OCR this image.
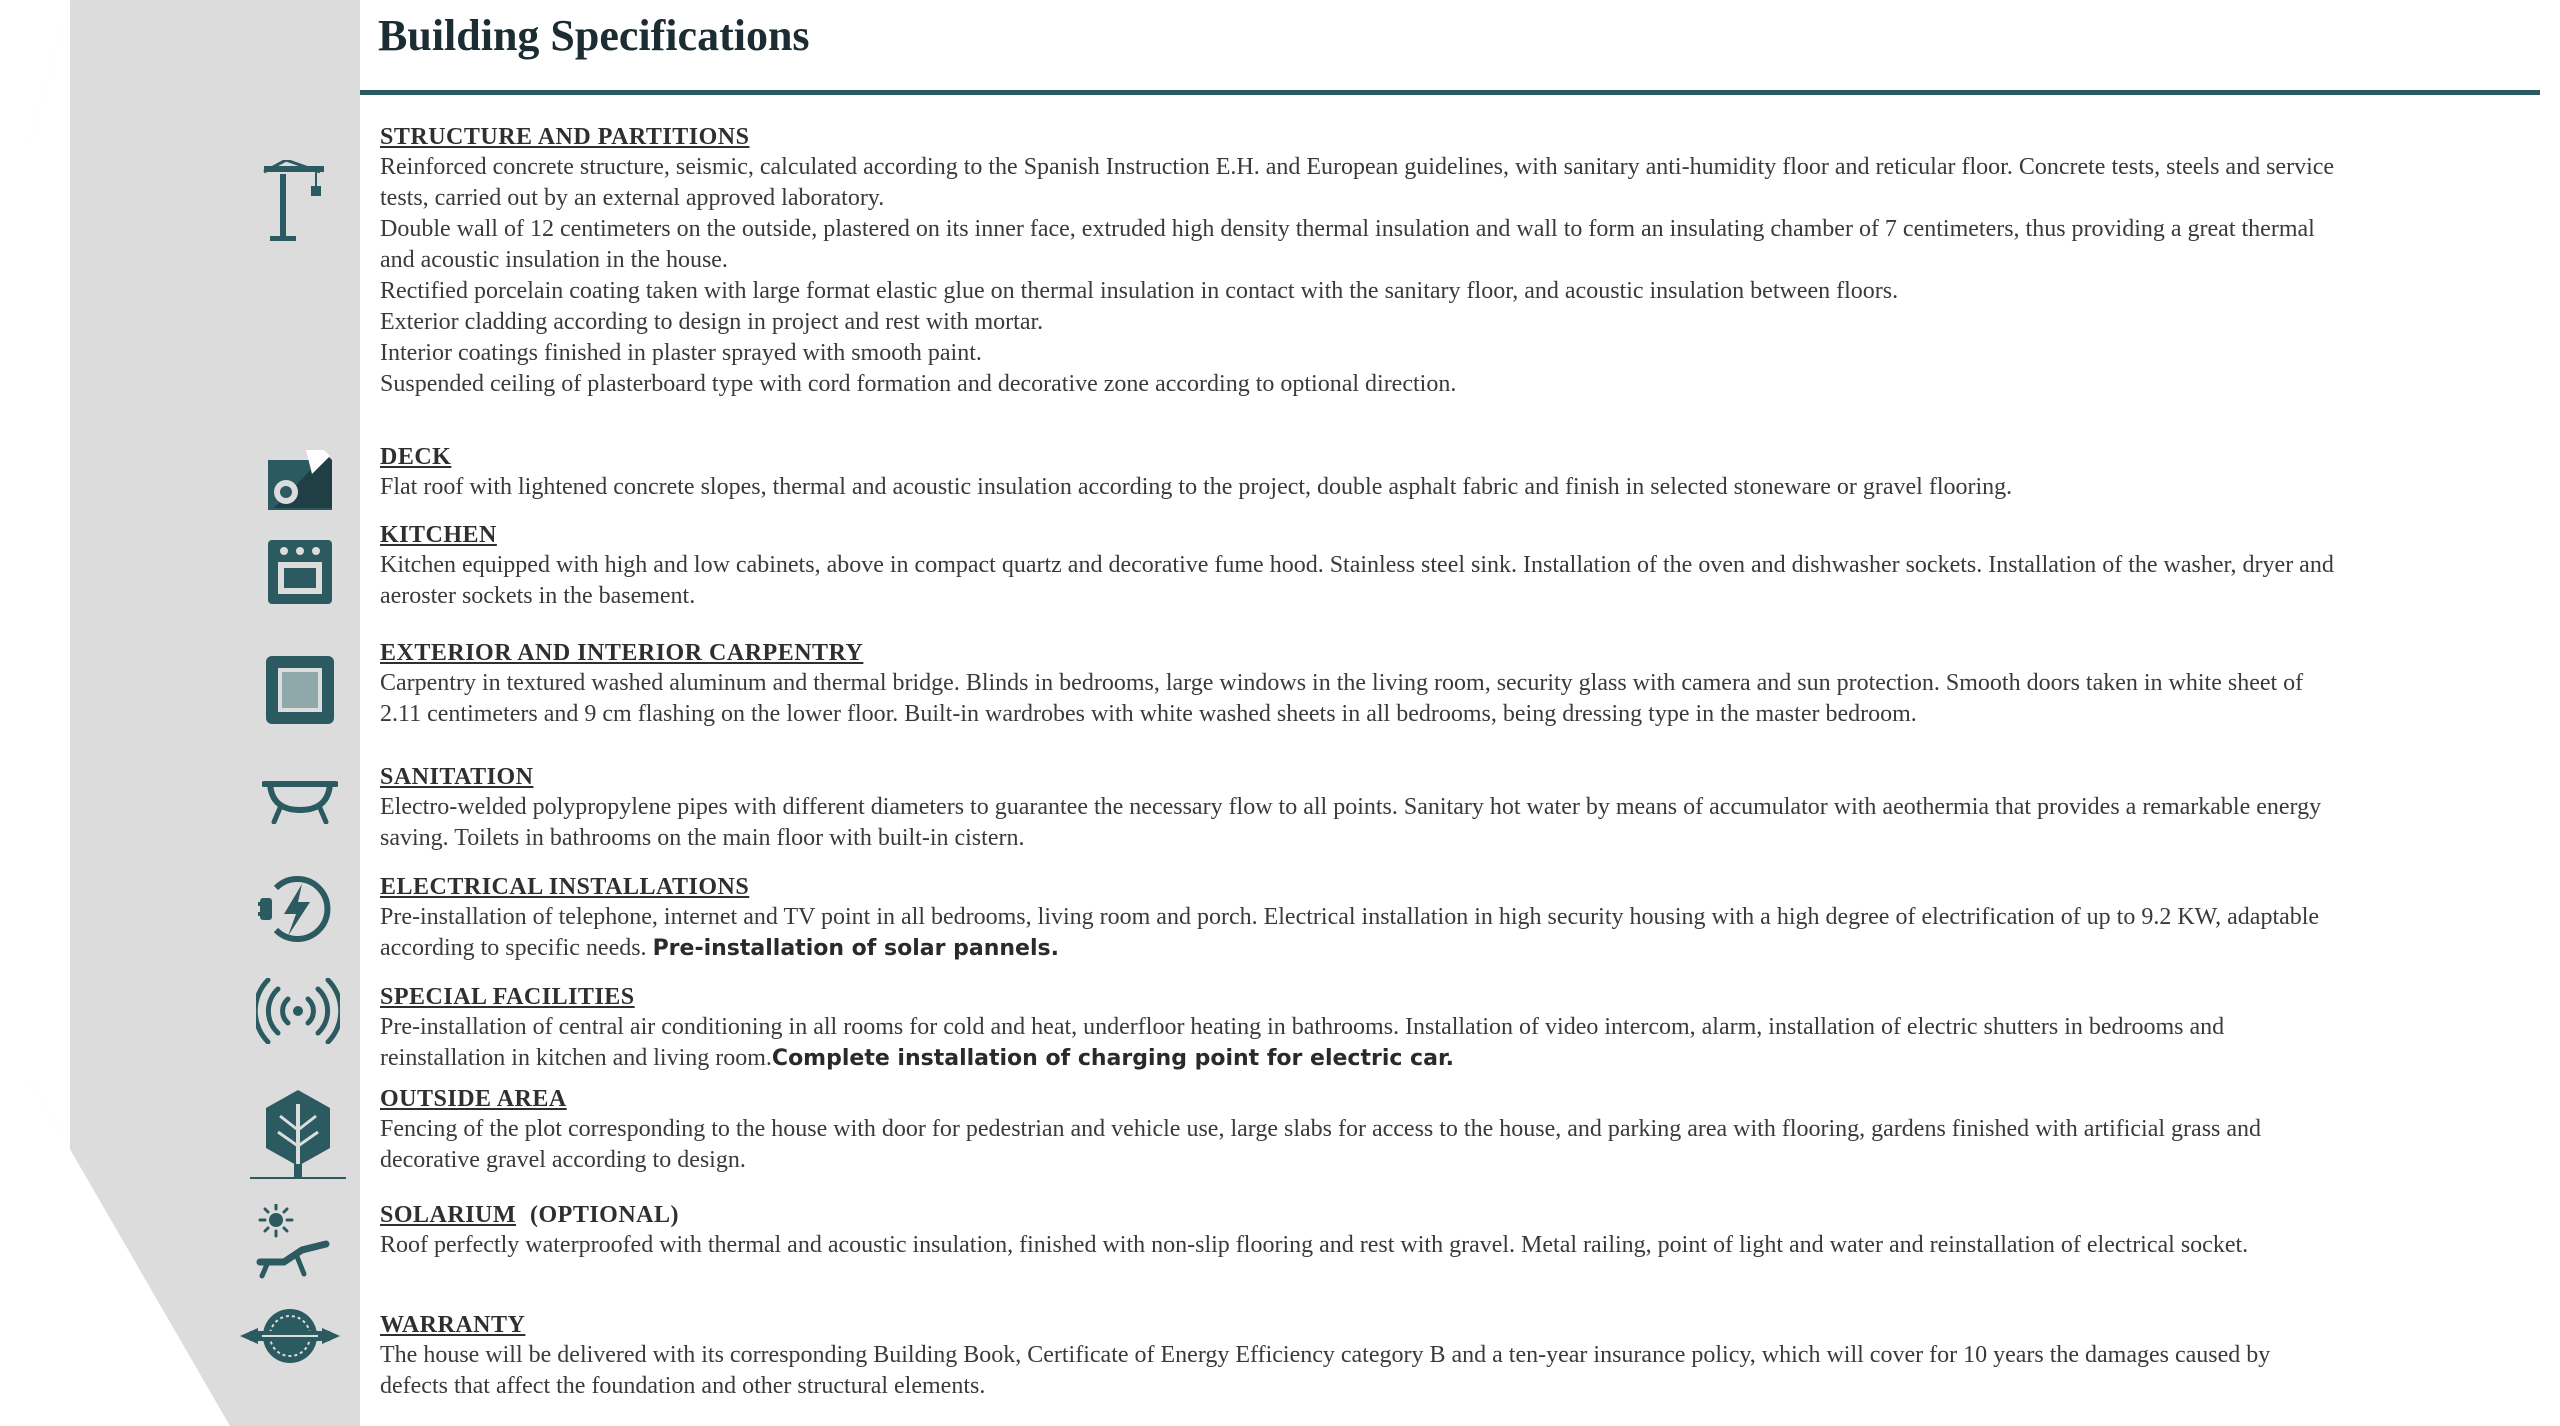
Building Specifications
STRUCTURE AND PARTITIONS

Reinforced concrete structure, seismic, calculated according to the Spanish Instruction E.H. and European guidelines, with sanitary anti-humidity floor and reticular floor. Concrete tests, steels and service tests, carried out by an external approved laboratory.

Double wall of 12 centimeters on the outside, plastered on its inner face, extruded high density thermal insulation and wall to form an insulating chamber of 7 centimeters, thus providing a great thermal and acoustic insulation in the house.

Rectified porcelain coating taken with large format elastic glue on thermal insulation in contact with the sanitary floor, and acoustic insulation between floors.

Exterior cladding according to design in project and rest with mortar.

Interior coatings finished in plaster sprayed with smooth paint.

Suspended ceiling of plasterboard type with cord formation and decorative zone according to optional direction.

DECK

Flat roof with lightened concrete slopes, thermal and acoustic insulation according to the project, double asphalt fabric and finish in selected stoneware or gravel flooring.

KITCHEN

Kitchen equipped with high and low cabinets, above in compact quartz and decorative fume hood. Stainless steel sink. Installation of the oven and dishwasher sockets. Installation of the washer, dryer and aeroster sockets in the basement.

EXTERIOR AND INTERIOR CARPENTRY

Carpentry in textured washed aluminum and thermal bridge. Blinds in bedrooms, large windows in the living room, security glass with camera and sun protection. Smooth doors taken in white sheet of 2.11 centimeters and 9 cm flashing on the lower floor. Built-in wardrobes with white washed sheets in all bedrooms, being dressing type in the master bedroom.

SANITATION

Electro-welded polypropylene pipes with different diameters to guarantee the necessary flow to all points. Sanitary hot water by means of accumulator with aeothermia that provides a remarkable energy saving. Toilets in bathrooms on the main floor with built-in cistern.

ELECTRICAL INSTALLATIONS

Pre-installation of telephone, internet and TV point in all bedrooms, living room and porch. Electrical installation in high security housing with a high degree of electrification of up to 9.2 KW, adaptable according to specific needs. Pre-installation of solar pannels.

SPECIAL FACILITIES

Pre-installation of central air conditioning in all rooms for cold and heat, underfloor heating in bathrooms. Installation of video intercom, alarm, installation of electric shutters in bedrooms and reinstallation in kitchen and living room.Complete installation of charging point for electric car.

OUTSIDE AREA

Fencing of the plot corresponding to the house with door for pedestrian and vehicle use, large slabs for access to the house, and parking area with flooring, gardens finished with artificial grass and decorative gravel according to design.

SOLARIUM (OPTIONAL)

Roof perfectly waterproofed with thermal and acoustic insulation, finished with non-slip flooring and rest with gravel. Metal railing, point of light and water and reinstallation of electrical socket.

WARRANTY

The house will be delivered with its corresponding Building Book, Certificate of Energy Efficiency category B and a ten-year insurance policy, which will cover for 10 years the damages caused by defects that affect the foundation and other structural elements.
